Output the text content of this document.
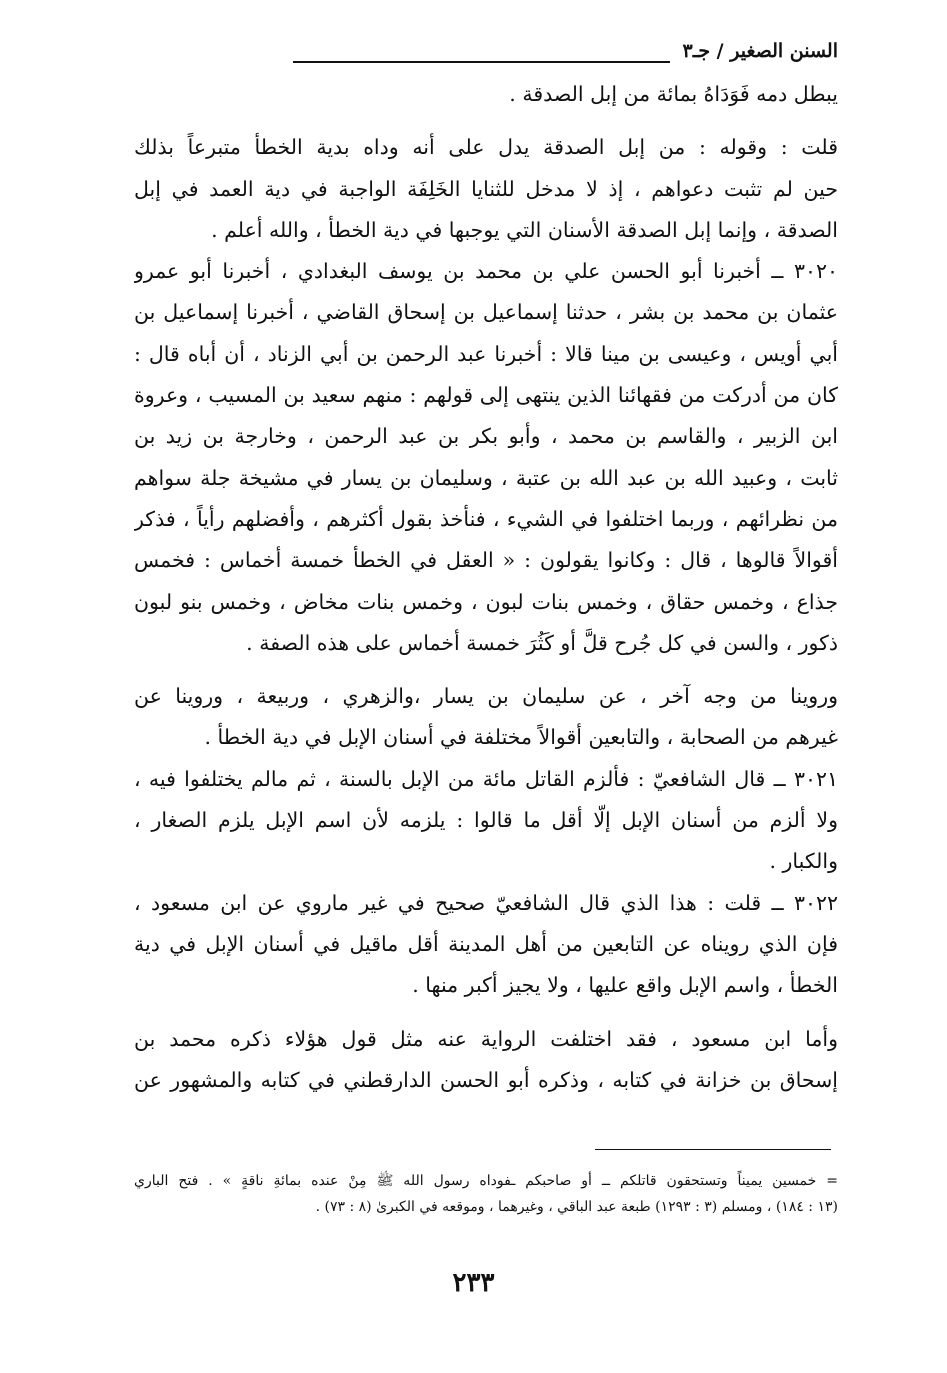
السنن الصغير / جـ٣
يبطل دمه فَوَدَاهُ بمائة من إبل الصدقة .
قلت : وقوله : من إبل الصدقة يدل على أنه وداه بدية الخطأ متبرعاً بذلك
حين لم تثبت دعواهم ، إذ لا مدخل للثنايا الخَلِفَة الواجبة في دية العمد في إبل
الصدقة ، وإنما إبل الصدقة الأسنان التي يوجبها في دية الخطأ ، والله أعلم .
٣٠٢٠ ــ أخبرنا أبو الحسن علي بن محمد بن يوسف البغدادي ، أخبرنا أبو عمرو
عثمان بن محمد بن بشر ، حدثنا إسماعيل بن إسحاق القاضي ، أخبرنا إسماعيل بن
أبي أويس ، وعيسى بن مينا قالا : أخبرنا عبد الرحمن بن أبي الزناد ، أن أباه قال :
كان من أدركت من فقهائنا الذين ينتهى إلى قولهم : منهم سعيد بن المسيب ، وعروة
ابن الزبير ، والقاسم بن محمد ، وأبو بكر بن عبد الرحمن ، وخارجة بن زيد بن
ثابت ، وعبيد الله بن عبد الله بن عتبة ، وسليمان بن يسار في مشيخة جلة سواهم
من نظرائهم ، وربما اختلفوا في الشيء ، فنأخذ بقول أكثرهم ، وأفضلهم رأياً ، فذكر
أقوالاً قالوها ، قال : وكانوا يقولون : « العقل في الخطأ خمسة أخماس : فخمس
جذاع ، وخمس حقاق ، وخمس بنات لبون ، وخمس بنات مخاض ، وخمس بنو لبون
ذكور ، والسن في كل جُرح قلَّ أو كَثُرَ خمسة أخماس على هذه الصفة .
وروينا من وجه آخر ، عن سليمان بن يسار ،والزهري ، وربيعة ، وروينا عن
غيرهم من الصحابة ، والتابعين أقوالاً مختلفة في أسنان الإبل في دية الخطأ .
٣٠٢١ ــ قال الشافعيّ : فألزم القاتل مائة من الإبل بالسنة ، ثم مالم يختلفوا فيه ،
ولا ألزم من أسنان الإبل إلّا أقل ما قالوا : يلزمه لأن اسم الإبل يلزم الصغار ،
والكبار .
٣٠٢٢ ــ قلت : هذا الذي قال الشافعيّ صحيح في غير ماروي عن ابن مسعود ،
فإن الذي رويناه عن التابعين من أهل المدينة أقل ماقيل في أسنان الإبل في دية
الخطأ ، واسم الإبل واقع عليها ، ولا يجيز أكبر منها .
وأما ابن مسعود ، فقد اختلفت الرواية عنه مثل قول هؤلاء ذكره محمد بن
إسحاق بن خزانة في كتابه ، وذكره أبو الحسن الدارقطني في كتابه والمشهور عن
= خمسين يميناً وتستحقون قاتلكم ــ أو صاحبكم ـفوداه رسول الله ﷺ مِنْ عنده بمائةِ ناقةٍ » . فتح الباري
(١٣ : ١٨٤) ، ومسلم (٣ : ١٢٩٣) طبعة عبد الباقي ، وغيرهما ، وموقعه في الكبرىٰ (٨ : ٧٣) .
٢٣٣
